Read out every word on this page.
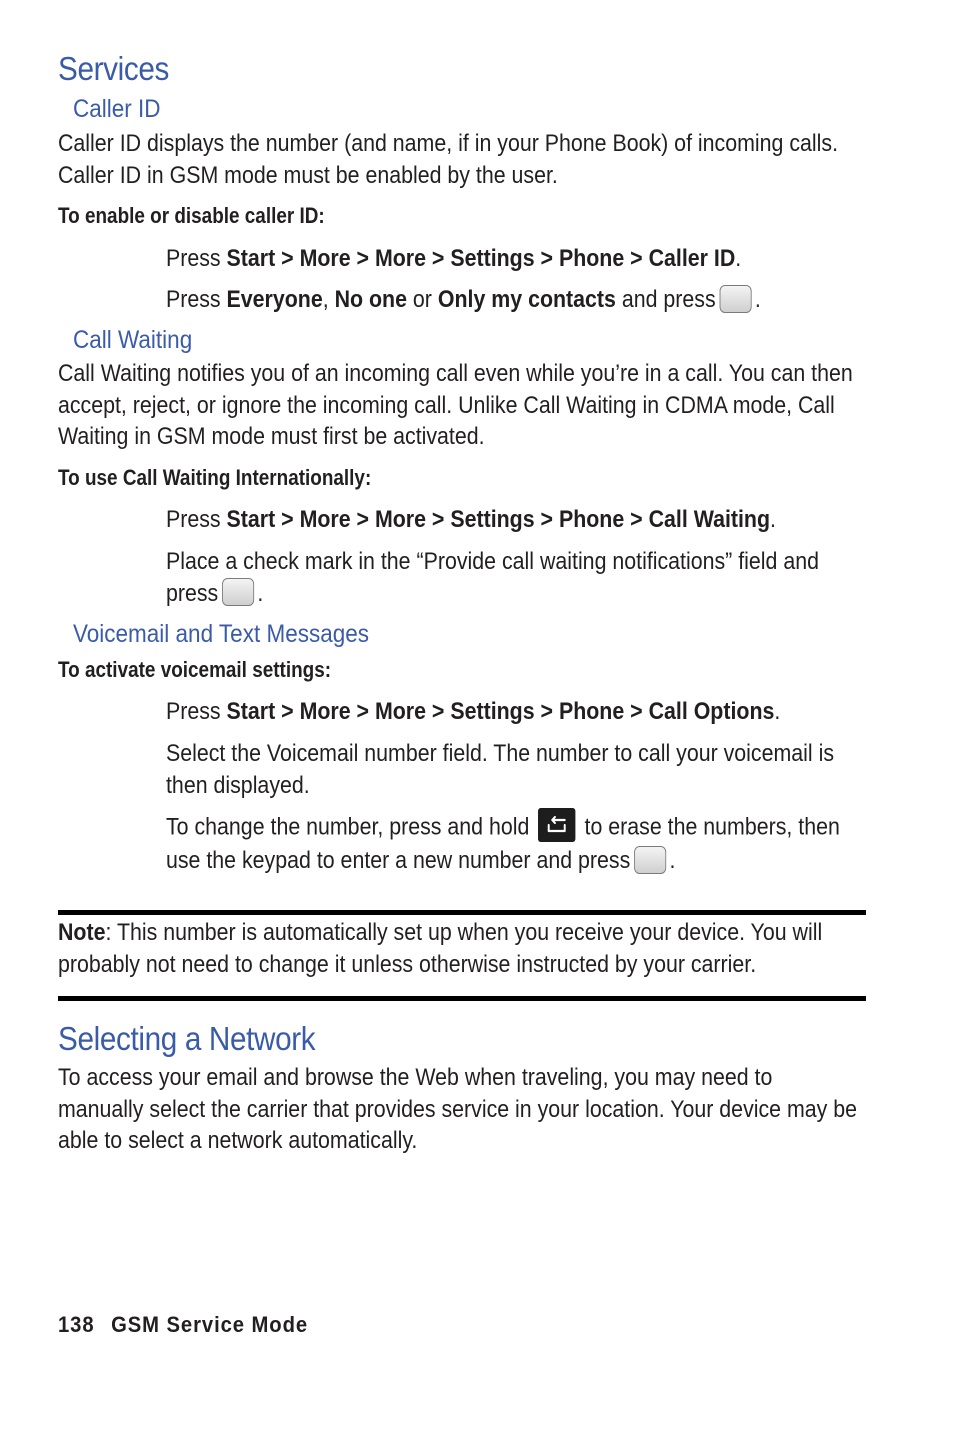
Services
Caller ID
Caller ID displays the number (and name, if in your Phone Book) of incoming calls. Caller ID in GSM mode must be enabled by the user.
To enable or disable caller ID:
Press Start > More > More > Settings > Phone > Caller ID.
Press Everyone, No one or Only my contacts and press .
Call Waiting
Call Waiting notifies you of an incoming call even while you’re in a call. You can then accept, reject, or ignore the incoming call. Unlike Call Waiting in CDMA mode, Call Waiting in GSM mode must first be activated.
To use Call Waiting Internationally:
Press Start > More > More > Settings > Phone > Call Waiting.
Place a check mark in the “Provide call waiting notifications” field and press .
Voicemail and Text Messages
To activate voicemail settings:
Press Start > More > More > Settings > Phone > Call Options.
Select the Voicemail number field. The number to call your voicemail is then displayed.
To change the number, press and hold to erase the numbers, then use the keypad to enter a new number and press .
Note: This number is automatically set up when you receive your device. You will probably not need to change it unless otherwise instructed by your carrier.
Selecting a Network
To access your email and browse the Web when traveling, you may need to manually select the carrier that provides service in your location. Your device may be able to select a network automatically.
138 GSM Service Mode
